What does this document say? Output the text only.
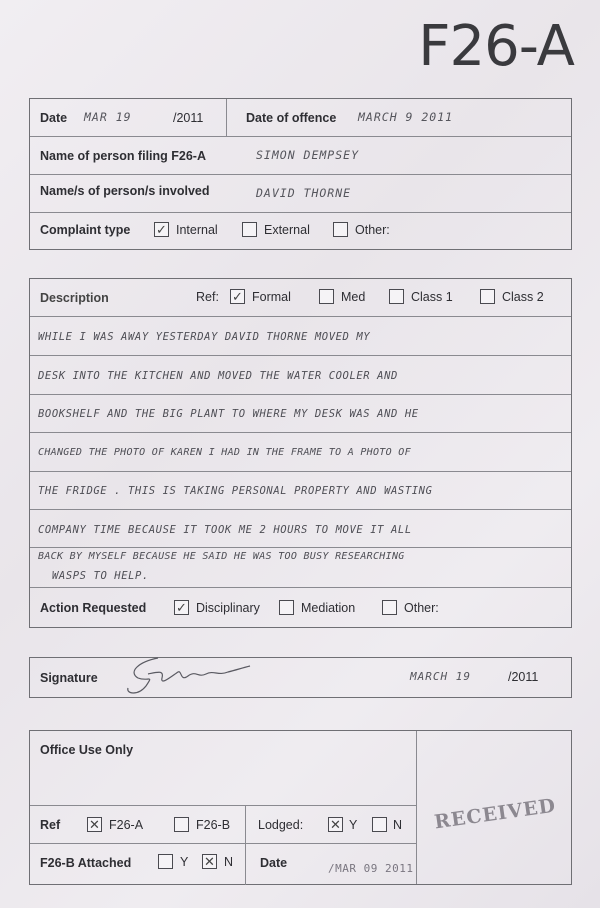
F26-A
Date MAR 19	/2011	Date of offence MARCH 9 2011
Name of person filing F26-A	SIMON DEMPSEY
Name/s of person/s involved	DAVID THORNE
Complaint type ✓ Internal	External	Other:
Description	Ref: ✓ Formal	Med	Class 1	Class 2
WHILE I WAS AWAY YESTERDAY DAVID THORNE MOVED MY
DESK INTO THE KITCHEN AND MOVED THE WATER COOLER AND
BOOKSHELF AND THE BIG PLANT TO WHERE MY DESK WAS AND HE
CHANGED THE PHOTO OF KAREN I HAD IN THE FRAME TO A PHOTO OF
THE FRIDGE . THIS IS TAKING PERSONAL PROPERTY AND WASTING
COMPANY TIME BECAUSE IT TOOK ME 2 HOURS TO MOVE IT ALL
BACK BY MYSELF BECAUSE HE SAID HE WAS TOO BUSY RESEARCHING
WASPS TO HELP.
Action Requested ✓ Disciplinary	Mediation	Other:
Signature	MARCH 19	/2011
Office Use Only
Ref ✕ F26-A	F26-B Lodged: ✕ Y	N
F26-B Attached	Y ✕ N Date	/MAR 09 2011
RECEIVED
